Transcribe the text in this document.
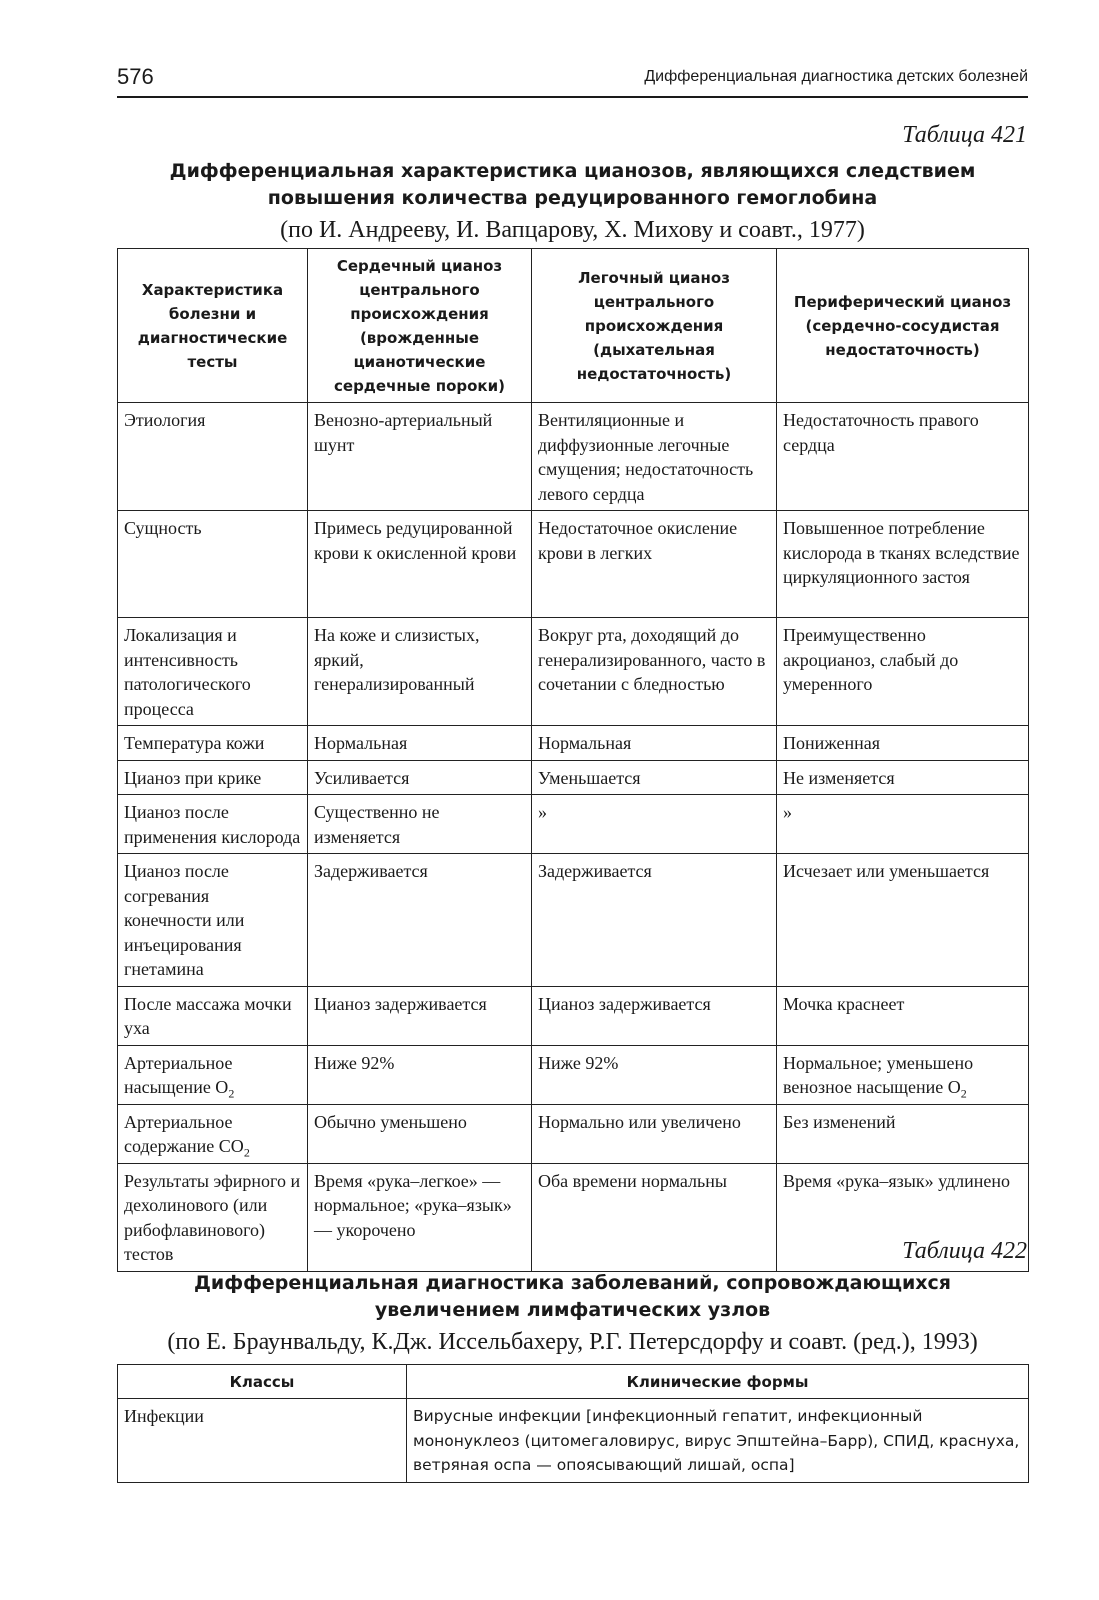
576	Дифференциальная диагностика детских болезней
Таблица 421
Дифференциальная характеристика цианозов, являющихся следствием
повышения количества редуцированного гемоглобина
(по И. Андрееву, И. Вапцарову, Х. Михову и соавт., 1977)
Характеристика болезни и диагностические тесты	Сердечный цианоз центрального происхождения (врожденные цианотические сердечные пороки)	Легочный цианоз центрального происхождения (дыхательная недостаточность)	Периферический цианоз (сердечно-сосудистая недостаточность)
Этиология	Венозно-артериальный шунт	Вентиляционные и диффузионные легочные смущения; недостаточность левого сердца	Недостаточность правого сердца
Сущность	Примесь редуцированной крови к окисленной крови	Недостаточное окисление крови в легких	Повышенное потребление кислорода в тканях вследствие циркуляционного застоя
Локализация и интенсивность патологического процесса	На коже и слизистых, яркий, генерализированный	Вокруг рта, доходящий до генерализированного, часто в сочетании с бледностью	Преимущественно акроцианоз, слабый до умеренного
Температура кожи	Нормальная	Нормальная	Пониженная
Цианоз при крике	Усиливается	Уменьшается	Не изменяется
Цианоз после применения кислорода	Существенно не изменяется	»	»
Цианоз после согревания конечности или инъецирования гнетамина	Задерживается	Задерживается	Исчезает или уменьшается
После массажа мочки уха	Цианоз задерживается	Цианоз задерживается	Мочка краснеет
Артериальное насыщение $O_2$	Ниже 92%	Ниже 92%	Нормальное; уменьшено венозное насыщение $O_2$
Артериальное содержание $CO_2$	Обычно уменьшено	Нормально или увеличено	Без изменений
Результаты эфирного и дехолинового (или рибофлавинового) тестов	Время «рука–легкое» — нормальное; «рука–язык» — укорочено	Оба времени нормальны	Время «рука–язык» удлинено
Таблица 422
Дифференциальная диагностика заболеваний, сопровождающихся
увеличением лимфатических узлов
(по Е. Браунвальду, К.Дж. Иссельбахеру, Р.Г. Петерсдорфу и соавт. (ред.), 1993)
Классы	Клинические формы
Инфекции	Вирусные инфекции [инфекционный гепатит, инфекционный мононуклеоз (цитомегаловирус, вирус Эпштейна–Барр), СПИД, краснуха, ветряная оспа — опоясывающий лишай, оспа]
